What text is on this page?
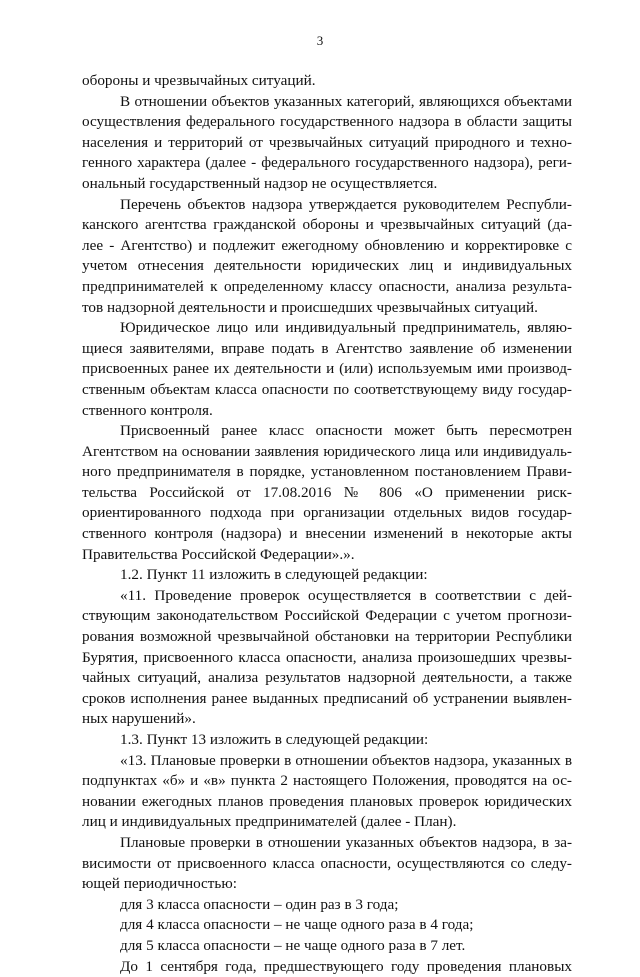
3
обороны и чрезвычайных ситуаций.
В отношении объектов указанных категорий, являющихся объектами
осуществления федерального государственного надзора в области защиты
населения и территорий от чрезвычайных ситуаций природного и техно-
генного характера (далее - федерального государственного надзора), реги-
ональный государственный надзор не осуществляется.
Перечень объектов надзора утверждается руководителем Республи-
канского агентства гражданской обороны и чрезвычайных ситуаций (да-
лее - Агентство) и подлежит ежегодному обновлению и корректировке с
учетом отнесения деятельности юридических лиц и индивидуальных
предпринимателей к определенному классу опасности, анализа результа-
тов надзорной деятельности и происшедших чрезвычайных ситуаций.
Юридическое лицо или индивидуальный предприниматель, являю-
щиеся заявителями, вправе подать в Агентство заявление об изменении
присвоенных ранее их деятельности и (или) используемым ими производ-
ственным объектам класса опасности по соответствующему виду государ-
ственного контроля.
Присвоенный ранее класс опасности может быть пересмотрен
Агентством на основании заявления юридического лица или индивидуаль-
ного предпринимателя в порядке, установленном постановлением Прави-
тельства Российской от 17.08.2016 № 806 «О применении риск-
ориентированного подхода при организации отдельных видов государ-
ственного контроля (надзора) и внесении изменений в некоторые акты
Правительства Российской Федерации».».
1.2. Пункт 11 изложить в следующей редакции:
«11. Проведение проверок осуществляется в соответствии с дей-
ствующим законодательством Российской Федерации с учетом прогнози-
рования возможной чрезвычайной обстановки на территории Республики
Бурятия, присвоенного класса опасности, анализа произошедших чрезвы-
чайных ситуаций, анализа результатов надзорной деятельности, а также
сроков исполнения ранее выданных предписаний об устранении выявлен-
ных нарушений».
1.3. Пункт 13 изложить в следующей редакции:
«13. Плановые проверки в отношении объектов надзора, указанных в
подпунктах «б» и «в» пункта 2 настоящего Положения, проводятся на ос-
новании ежегодных планов проведения плановых проверок юридических
лиц и индивидуальных предпринимателей (далее - План).
Плановые проверки в отношении указанных объектов надзора, в за-
висимости от присвоенного класса опасности, осуществляются со следу-
ющей периодичностью:
для 3 класса опасности – один раз в 3 года;
для 4 класса опасности – не чаще одного раза в 4 года;
для 5 класса опасности – не чаще одного раза в 7 лет.
До 1 сентября года, предшествующего году проведения плановых
